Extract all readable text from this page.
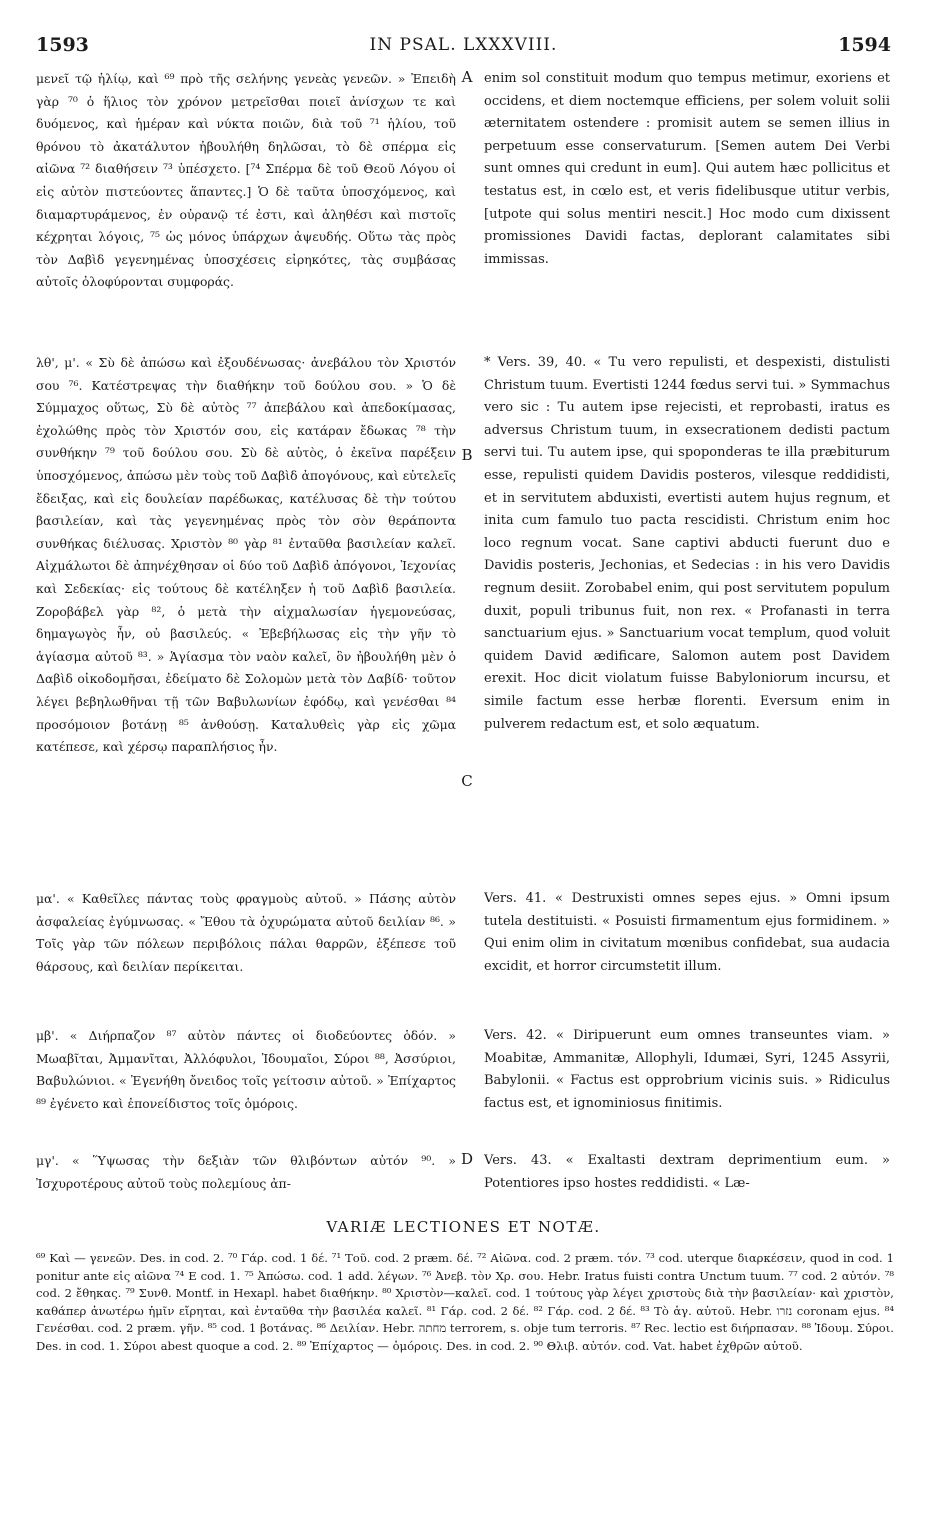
1593	IN PSAL. LXXXVIII.	1594

μενεῖ τῷ ἡλίῳ, καὶ ⁶⁹ πρὸ τῆς σελήνης γενεὰς γενεῶν. » Ἐπειδὴ γὰρ ⁷⁰ ὁ ἥλιος τὸν χρόνον μετρεῖσθαι ποιεῖ ἀνίσχων τε καὶ δυόμενος, καὶ ἡμέραν καὶ νύκτα ποιῶν, διὰ τοῦ ⁷¹ ἡλίου, τοῦ θρόνου τὸ ἀκατάλυτον ἠβουλήθη δηλῶσαι, τὸ δὲ σπέρμα εἰς αἰῶνα ⁷² διαθήσειν ⁷³ ὑπέσχετο. [⁷⁴ Σπέρμα δὲ τοῦ Θεοῦ Λόγου οἱ εἰς αὐτὸν πιστεύοντες ἅπαντες.] Ὁ δὲ ταῦτα ὑποσχόμενος, καὶ διαμαρτυράμενος, ἐν οὐρανῷ τέ ἐστι, καὶ ἀληθέσι καὶ πιστοῖς κέχρηται λόγοις, ⁷⁵ ὡς μόνος ὑπάρχων ἀψευδής. Οὕτω τὰς πρὸς τὸν Δαβὶδ γεγενημένας ὑποσχέσεις εἰρηκότες, τὰς συμβάσας αὐτοῖς ὀλοφύρονται συμφοράς.

λθ', μ'. « Σὺ δὲ ἀπώσω καὶ ἐξουδένωσας· ἀνεβάλου τὸν Χριστόν σου ⁷⁶. Κατέστρεψας τὴν διαθήκην τοῦ δούλου σου. » Ὁ δὲ Σύμμαχος οὕτως, Σὺ δὲ αὐτὸς ⁷⁷ ἀπεβάλου καὶ ἀπεδοκίμασας, ἐχολώθης πρὸς τὸν Χριστόν σου, εἰς κατάραν ἔδωκας ⁷⁸ τὴν συνθήκην ⁷⁹ τοῦ δούλου σου. Σὺ δὲ αὐτὸς, ὁ ἐκεῖνα παρέξειν ὑποσχόμενος, ἀπώσω μὲν τοὺς τοῦ Δαβὶδ ἀπογόνους, καὶ εὐτελεῖς ἔδειξας, καὶ εἰς δουλείαν παρέδωκας, κατέλυσας δὲ τὴν τούτου βασιλείαν, καὶ τὰς γεγενημένας πρὸς τὸν σὸν θεράποντα συνθήκας διέλυσας. Χριστὸν ⁸⁰ γὰρ ⁸¹ ἐνταῦθα βασιλείαν καλεῖ. Αἰχμάλωτοι δὲ ἀπηνέχθησαν οἱ δύο τοῦ Δαβὶδ ἀπόγονοι, Ἰεχονίας καὶ Σεδεκίας· εἰς τούτους δὲ κατέληξεν ἡ τοῦ Δαβὶδ βασιλεία. Ζοροβάβελ γὰρ ⁸², ὁ μετὰ τὴν αἰχμαλωσίαν ἡγεμονεύσας, δημαγωγὸς ἦν, οὐ βασιλεύς. « Ἐβεβήλωσας εἰς τὴν γῆν τὸ ἁγίασμα αὐτοῦ ⁸³. » Ἁγίασμα τὸν ναὸν καλεῖ, ὃν ἠβουλήθη μὲν ὁ Δαβὶδ οἰκοδομῆσαι, ἐδείματο δὲ Σολομὼν μετὰ τὸν Δαβίδ· τοῦτον λέγει βεβηλωθῆναι τῇ τῶν Βαβυλωνίων ἐφόδῳ, καὶ γενέσθαι ⁸⁴ προσόμοιον βοτάνῃ ⁸⁵ ἀνθούσῃ. Καταλυθεὶς γὰρ εἰς χῶμα κατέπεσε, καὶ χέρσῳ παραπλήσιος ἦν.

μα'. « Καθεῖλες πάντας τοὺς φραγμοὺς αὐτοῦ. » Πάσης αὐτὸν ἀσφαλείας ἐγύμνωσας. « Ἔθου τὰ ὀχυρώματα αὐτοῦ δειλίαν ⁸⁶. » Τοῖς γὰρ τῶν πόλεων περιβόλοις πάλαι θαρρῶν, ἐξέπεσε τοῦ θάρσους, καὶ δειλίαν περίκειται.

μβ'. « Διήρπαζον ⁸⁷ αὐτὸν πάντες οἱ διοδεύοντες ὁδόν. » Μωαβῖται, Ἀμμανῖται, Ἀλλόφυλοι, Ἰδουμαῖοι, Σύροι ⁸⁸, Ἀσσύριοι, Βαβυλώνιοι. « Ἐγενήθη ὄνειδος τοῖς γείτοσιν αὐτοῦ. » Ἐπίχαρτος ⁸⁹ ἐγένετο καὶ ἐπονείδιστος τοῖς ὁμόροις.

μγ'. « Ὕψωσας τὴν δεξιὰν τῶν θλιβόντων αὐτόν ⁹⁰. » Ἰσχυροτέρους αὐτοῦ τοὺς πολεμίους ἀπ-

A
B
C
D

enim sol constituit modum quo tempus metimur, exoriens et occidens, et diem noctemque efficiens, per solem voluit solii æternitatem ostendere : promisit autem se semen illius in perpetuum esse conservaturum. [Semen autem Dei Verbi sunt omnes qui credunt in eum]. Qui autem hæc pollicitus et testatus est, in cœlo est, et veris fidelibusque utitur verbis, [utpote qui solus mentiri nescit.] Hoc modo cum dixissent promissiones Davidi factas, deplorant calamitates sibi immissas.

* Vers. 39, 40. « Tu vero repulisti, et despexisti, distulisti Christum tuum. Evertisti 1244 fœdus servi tui. » Symmachus vero sic : Tu autem ipse rejecisti, et reprobasti, iratus es adversus Christum tuum, in exsecrationem dedisti pactum servi tui. Tu autem ipse, qui spoponderas te illa præbiturum esse, repulisti quidem Davidis posteros, vilesque reddidisti, et in servitutem abduxisti, evertisti autem hujus regnum, et inita cum famulo tuo pacta rescidisti. Christum enim hoc loco regnum vocat. Sane captivi abducti fuerunt duo e Davidis posteris, Jechonias, et Sedecias : in his vero Davidis regnum desiit. Zorobabel enim, qui post servitutem populum duxit, populi tribunus fuit, non rex. « Profanasti in terra sanctuarium ejus. » Sanctuarium vocat templum, quod voluit quidem David ædificare, Salomon autem post Davidem erexit. Hoc dicit violatum fuisse Babyloniorum incursu, et simile factum esse herbæ florenti. Eversum enim in pulverem redactum est, et solo æquatum.

Vers. 41. « Destruxisti omnes sepes ejus. » Omni ipsum tutela destituisti. « Posuisti firmamentum ejus formidinem. » Qui enim olim in civitatum mœnibus confidebat, sua audacia excidit, et horror circumstetit illum.

Vers. 42. « Diripuerunt eum omnes transeuntes viam. » Moabitæ, Ammanitæ, Allophyli, Idumæi, Syri, 1245 Assyrii, Babylonii. « Factus est opprobrium vicinis suis. » Ridiculus factus est, et ignominiosus finitimis.

Vers. 43. « Exaltasti dextram deprimentium eum. » Potentiores ipso hostes reddidisti. « Læ-

VARIÆ LECTIONES ET NOTÆ.

⁶⁹ Καὶ — γενεῶν. Des. in cod. 2. ⁷⁰ Γάρ. cod. 1 δέ. ⁷¹ Τοῦ. cod. 2 præm. δέ. ⁷² Αἰῶνα. cod. 2 præm. τόν. ⁷³ cod. uterque διαρκέσειν, quod in cod. 1 ponitur ante εἰς αἰῶνα ⁷⁴ E cod. 1. ⁷⁵ Ἀπώσω. cod. 1 add. λέγων. ⁷⁶ Ἀνεβ. τὸν Χρ. σου. Hebr. Iratus fuisti contra Unctum tuum. ⁷⁷ cod. 2 αὐτόν. ⁷⁸ cod. 2 ἔθηκας. ⁷⁹ Συνθ. Montf. in Hexapl. habet διαθήκην. ⁸⁰ Χριστὸν—καλεῖ. cod. 1 τούτους γὰρ λέγει χριστοὺς διὰ τὴν βασιλείαν· καὶ χριστὸν, καθάπερ ἀνωτέρω ἡμῖν εἴρηται, καὶ ἐνταῦθα τὴν βασιλέα καλεῖ. ⁸¹ Γάρ. cod. 2 δέ. ⁸² Γάρ. cod. 2 δέ. ⁸³ Τὸ ἁγ. αὐτοῦ. Hebr. נזרו coronam ejus. ⁸⁴ Γενέσθαι. cod. 2 præm. γῆν. ⁸⁵ cod. 1 βοτάνας. ⁸⁶ Δειλίαν. Hebr. מחתה terrorem, s. obje tum terroris. ⁸⁷ Rec. lectio est διήρπασαν. ⁸⁸ Ἰδουμ. Σύροι. Des. in cod. 1. Σύροι abest quoque a cod. 2. ⁸⁹ Ἐπίχαρτος — ὁμόροις. Des. in cod. 2. ⁹⁰ Θλιβ. αὐτόν. cod. Vat. habet ἐχθρῶν αὐτοῦ.
